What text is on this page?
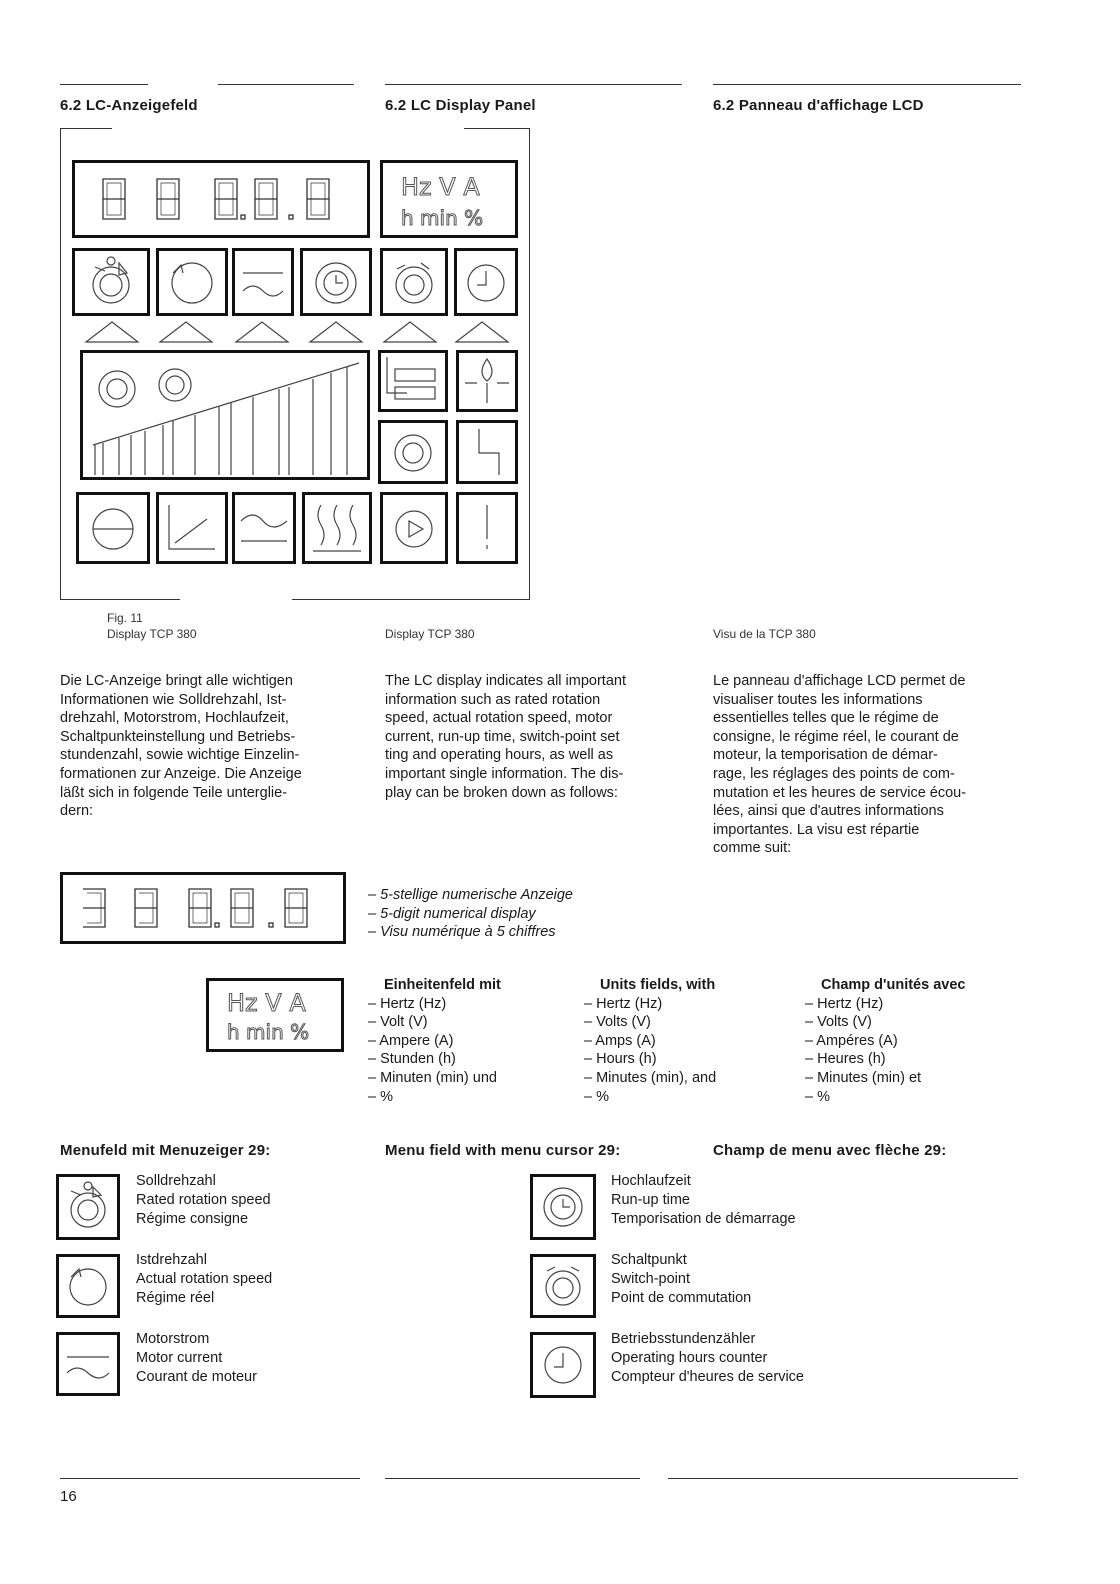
6.2 LC-Anzeigefeld	6.2 LC Display Panel	6.2 Panneau d'affichage LCD
Hz V A
h min %
Fig. 11
Display TCP 380	Display TCP 380	Visu de la TCP 380
Die LC-Anzeige bringt alle wichtigen
Informationen wie Solldrehzahl, Ist-
drehzahl, Motorstrom, Hochlaufzeit,
Schaltpunkteinstellung und Betriebs-
stundenzahl, sowie wichtige Einzelin-
formationen zur Anzeige. Die Anzeige
läßt sich in folgende Teile unterglie-
dern:
The LC display indicates all important
information such as rated rotation
speed, actual rotation speed, motor
current, run-up time, switch-point set
ting and operating hours, as well as
important single information. The dis-
play can be broken down as follows:
Le panneau d'affichage LCD permet de
visualiser toutes les informations
essentielles telles que le régime de
consigne, le régime réel, le courant de
moteur, la temporisation de démar-
rage, les réglages des points de com-
mutation et les heures de service écou-
lées, ainsi que d'autres informations
importantes. La visu est répartie
comme suit:
– 5-stellige numerische Anzeige
– 5-digit numerical display
– Visu numérique à 5 chiffres
Hz V A
h min %
Einheitenfeld mit
– Hertz (Hz)
– Volt (V)
– Ampere (A)
– Stunden (h)
– Minuten (min) und
– %
Units fields, with
– Hertz (Hz)
– Volts (V)
– Amps (A)
– Hours (h)
– Minutes (min), and
– %
Champ d'unités avec
– Hertz (Hz)
– Volts (V)
– Ampéres (A)
– Heures (h)
– Minutes (min) et
– %
Menufeld mit Menuzeiger 29:	Menu field with menu cursor 29:	Champ de menu avec flèche 29:
Solldrehzahl
Rated rotation speed
Régime consigne
Istdrehzahl
Actual rotation speed
Régime réel
Motorstrom
Motor current
Courant de moteur
Hochlaufzeit
Run-up time
Temporisation de démarrage
Schaltpunkt
Switch-point
Point de commutation
Betriebsstundenzähler
Operating hours counter
Compteur d'heures de service
16
